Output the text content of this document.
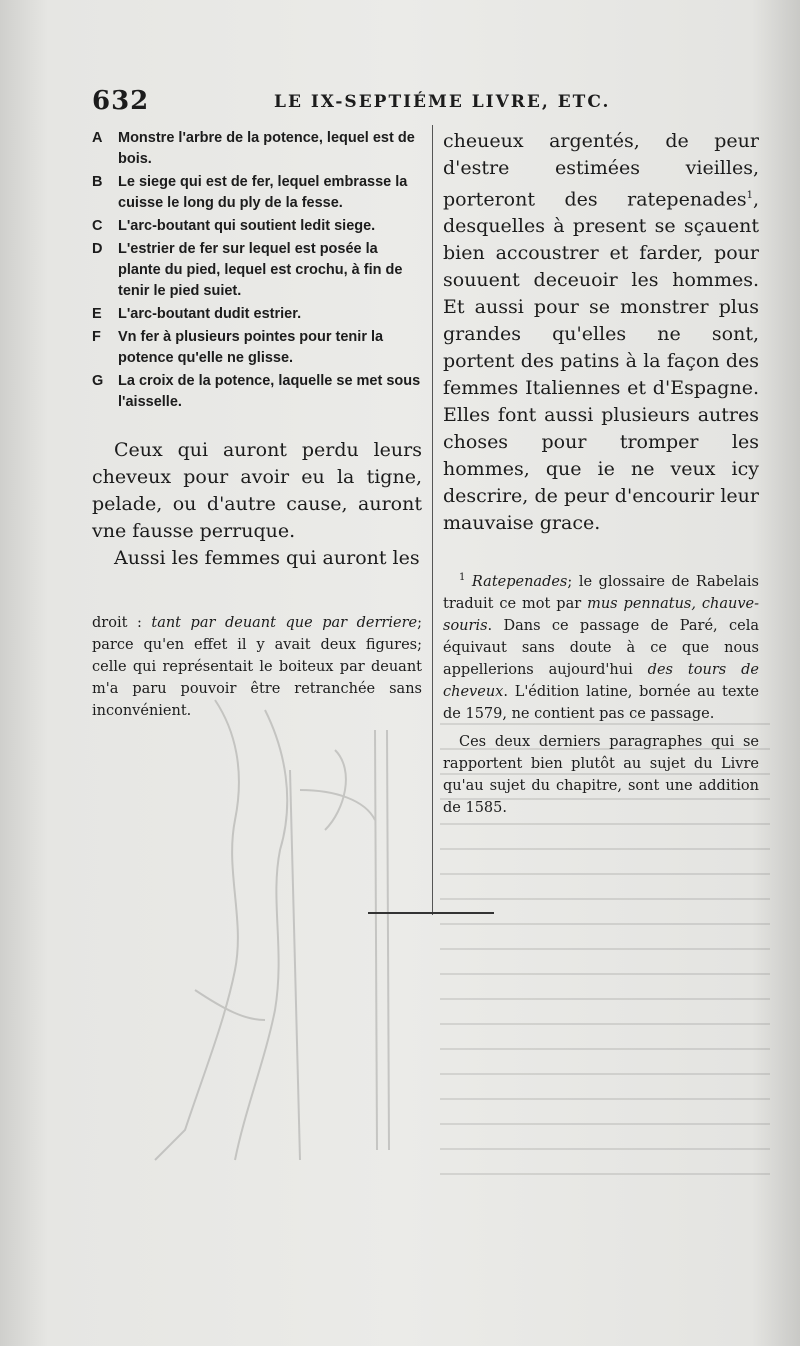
632	LE IX-SEPTIÉME LIVRE, ETC.
A Monstre l'arbre de la potence, lequel est de bois.
B Le siege qui est de fer, lequel embrasse la cuisse le long du ply de la fesse.
C L'arc-boutant qui soutient ledit siege.
D L'estrier de fer sur lequel est posée la plante du pied, lequel est crochu, à fin de tenir le pied suiet.
E L'arc-boutant dudit estrier.
F Vn fer à plusieurs pointes pour tenir la potence qu'elle ne glisse.
G La croix de la potence, laquelle se met sous l'aisselle.

Ceux qui auront perdu leurs cheveux pour avoir eu la tigne, pelade, ou d'autre cause, auront vne fausse perruque.

Aussi les femmes qui auront les

droit : tant par deuant que par derriere; parce qu'en effet il y avait deux figures; celle qui représentait le boiteux par deuant m'a paru pouvoir être retranchée sans inconvénient.

cheueux argentés, de peur d'estre estimées vieilles, porteront des ratepenades$^1$, desquelles à present se sçauent bien accoustrer et farder, pour souuent deceuoir les hommes. Et aussi pour se monstrer plus grandes qu'elles ne sont, portent des patins à la façon des femmes Italiennes et d'Espagne. Elles font aussi plusieurs autres choses pour tromper les hommes, que ie ne veux icy descrire, de peur d'encourir leur mauvaise grace.

$^1$ Ratepenades; le glossaire de Rabelais traduit ce mot par mus pennatus, chauve-souris. Dans ce passage de Paré, cela équivaut sans doute à ce que nous appellerions aujourd'hui des tours de cheveux. L'édition latine, bornée au texte de 1579, ne contient pas ce passage.

Ces deux derniers paragraphes qui se rapportent bien plutôt au sujet du Livre qu'au sujet du chapitre, sont une addition de 1585.
